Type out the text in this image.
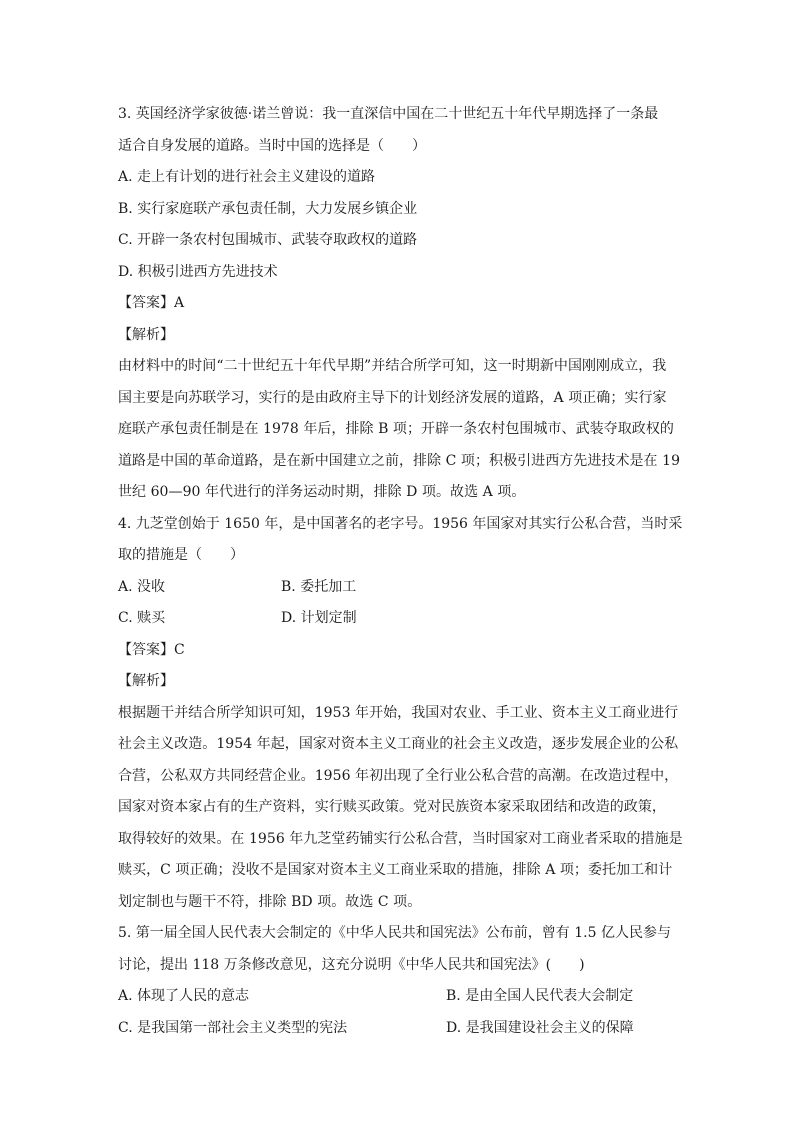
3. 英国经济学家彼德·诺兰曾说：我一直深信中国在二十世纪五十年代早期选择了一条最
适合自身发展的道路。当时中国的选择是（　　）
A. 走上有计划的进行社会主义建设的道路
B. 实行家庭联产承包责任制，大力发展乡镇企业
C. 开辟一条农村包围城市、武装夺取政权的道路
D. 积极引进西方先进技术
【答案】A
【解析】
由材料中的时间“二十世纪五十年代早期”并结合所学可知，这一时期新中国刚刚成立，我
国主要是向苏联学习，实行的是由政府主导下的计划经济发展的道路，A 项正确；实行家
庭联产承包责任制是在 1978 年后，排除 B 项；开辟一条农村包围城市、武装夺取政权的
道路是中国的革命道路，是在新中国建立之前，排除 C 项；积极引进西方先进技术是在 19
世纪 60—90 年代进行的洋务运动时期，排除 D 项。故选 A 项。
4. 九芝堂创始于 1650 年，是中国著名的老字号。1956 年国家对其实行公私合营，当时采
取的措施是（　　）
A. 没收	B. 委托加工
C. 赎买	D. 计划定制
【答案】C
【解析】
根据题干并结合所学知识可知，1953 年开始，我国对农业、手工业、资本主义工商业进行
社会主义改造。1954 年起，国家对资本主义工商业的社会主义改造，逐步发展企业的公私
合营，公私双方共同经营企业。1956 年初出现了全行业公私合营的高潮。在改造过程中，
国家对资本家占有的生产资料，实行赎买政策。党对民族资本家采取团结和改造的政策，
取得较好的效果。在 1956 年九芝堂药铺实行公私合营，当时国家对工商业者采取的措施是
赎买，C 项正确；没收不是国家对资本主义工商业采取的措施，排除 A 项；委托加工和计
划定制也与题干不符，排除 BD 项。故选 C 项。
5. 第一届全国人民代表大会制定的《中华人民共和国宪法》公布前，曾有 1.5 亿人民参与
讨论，提出 118 万条修改意见，这充分说明《中华人民共和国宪法》(　　)
A. 体现了人民的意志	B. 是由全国人民代表大会制定
C. 是我国第一部社会主义类型的宪法	D. 是我国建设社会主义的保障
